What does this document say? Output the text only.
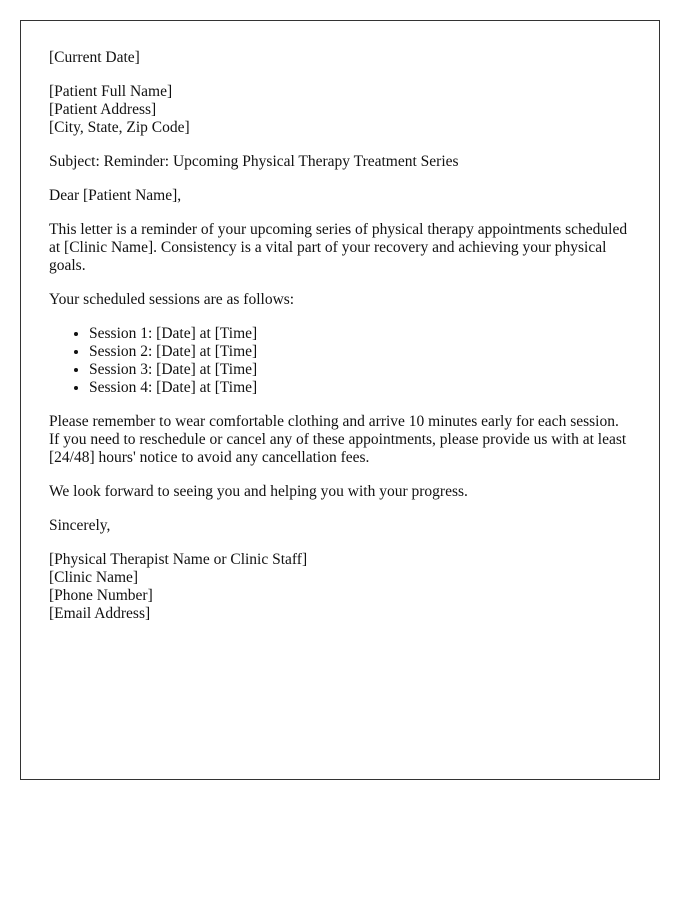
[Current Date]

[Patient Full Name]
[Patient Address]
[City, State, Zip Code]

Subject: Reminder: Upcoming Physical Therapy Treatment Series

Dear [Patient Name],

This letter is a reminder of your upcoming series of physical therapy appointments scheduled at [Clinic Name]. Consistency is a vital part of your recovery and achieving your physical goals.

Your scheduled sessions are as follows:

• Session 1: [Date] at [Time]
• Session 2: [Date] at [Time]
• Session 3: [Date] at [Time]
• Session 4: [Date] at [Time]

Please remember to wear comfortable clothing and arrive 10 minutes early for each session. If you need to reschedule or cancel any of these appointments, please provide us with at least [24/48] hours' notice to avoid any cancellation fees.

We look forward to seeing you and helping you with your progress.

Sincerely,

[Physical Therapist Name or Clinic Staff]
[Clinic Name]
[Phone Number]
[Email Address]
